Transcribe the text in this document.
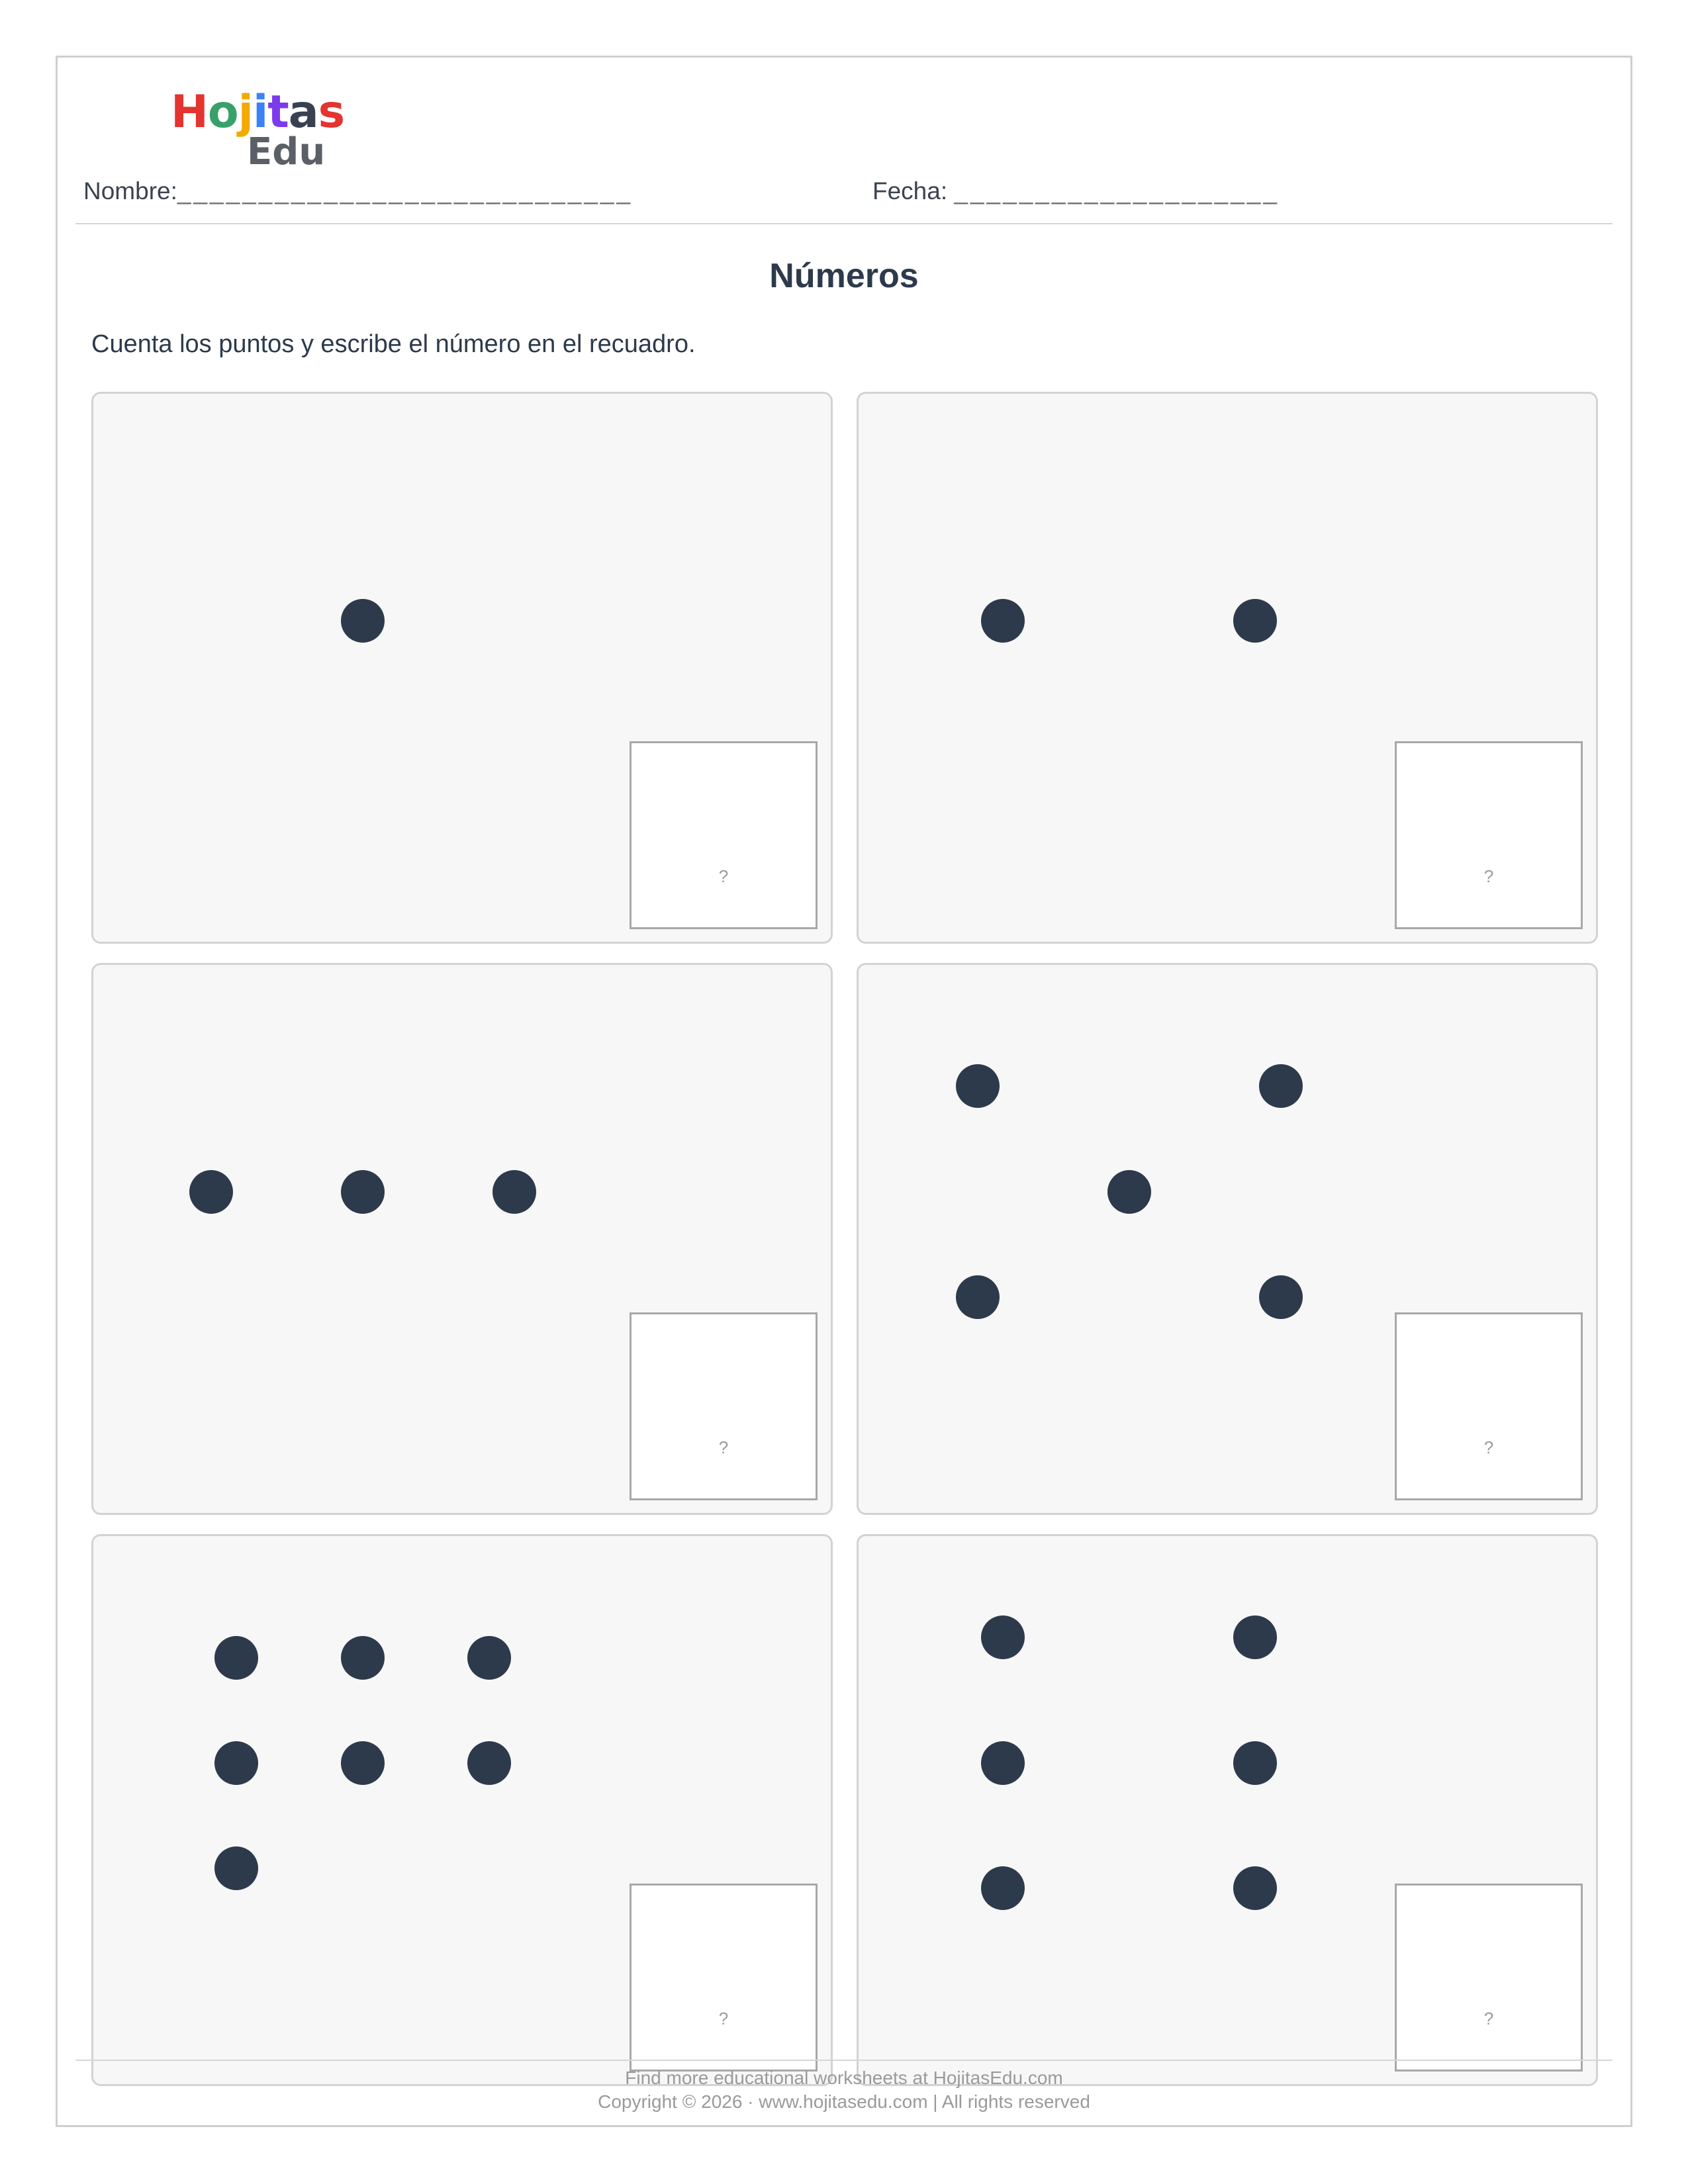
Hojitas
Edu
Nombre:____________________________	Fecha: ____________________
Números
Cuenta los puntos y escribe el número en el recuadro.
?	?
?	?
?	?
Find more educational worksheets at HojitasEdu.com
Copyright © 2026 · www.hojitasedu.com | All rights reserved
